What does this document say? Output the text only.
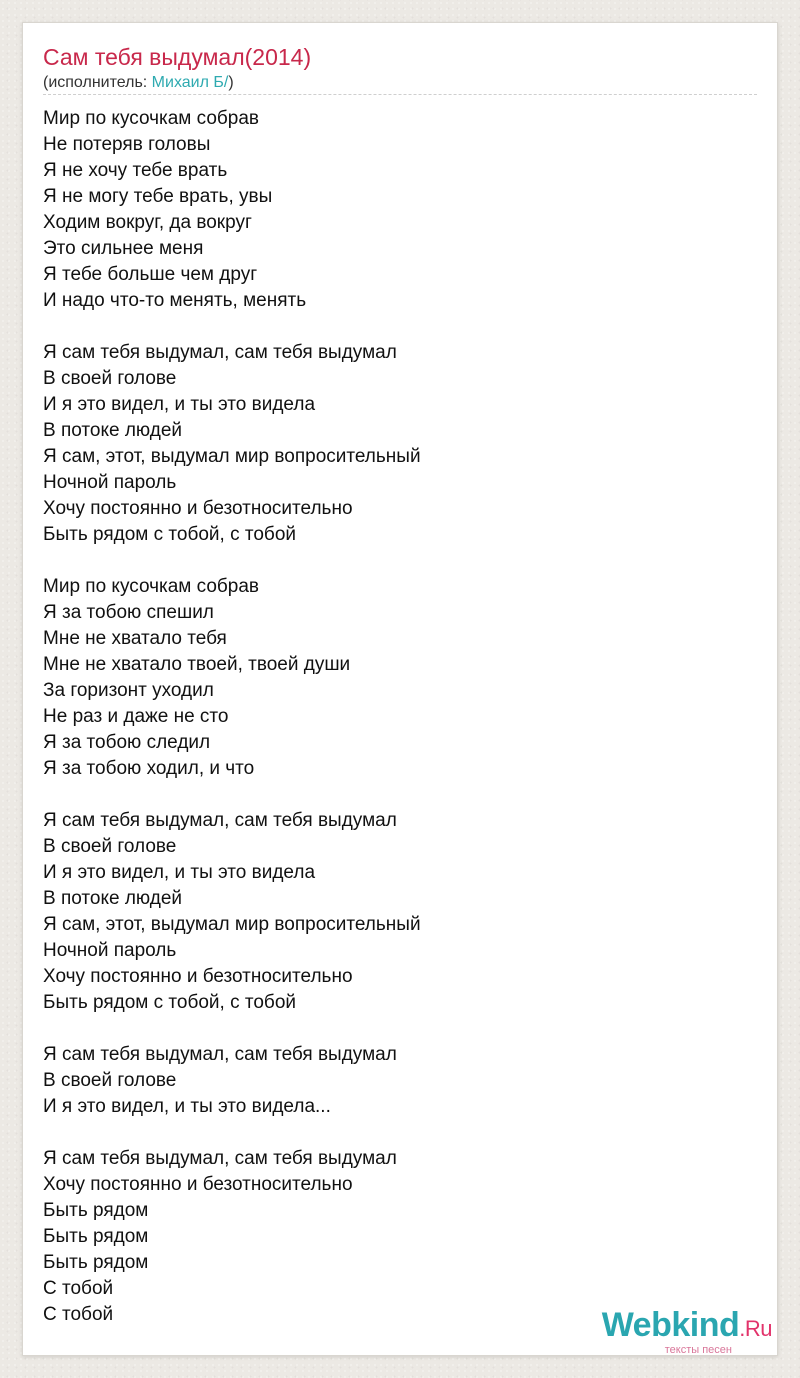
Сам тебя выдумал(2014)
(исполнитель: Михаил Б/)
Мир по кусочкам собрав
Не потеряв головы
Я не хочу тебе врать
Я не могу тебе врать, увы
Ходим вокруг, да вокруг
Это сильнее меня
Я тебе больше чем друг
И надо что-то менять, менять
Я сам тебя выдумал, сам тебя выдумал
В своей голове
И я это видел, и ты это видела
В потоке людей
Я сам, этот, выдумал мир вопросительный
Ночной пароль
Хочу постоянно и безотносительно
Быть рядом с тобой, с тобой
Мир по кусочкам собрав
Я за тобою спешил
Мне не хватало тебя
Мне не хватало твоей, твоей души
За горизонт уходил
Не раз и даже не сто
Я за тобою следил
Я за тобою ходил, и что
Я сам тебя выдумал, сам тебя выдумал
В своей голове
И я это видел, и ты это видела
В потоке людей
Я сам, этот, выдумал мир вопросительный
Ночной пароль
Хочу постоянно и безотносительно
Быть рядом с тобой, с тобой
Я сам тебя выдумал, сам тебя выдумал
В своей голове
И я это видел, и ты это видела...
Я сам тебя выдумал, сам тебя выдумал
Хочу постоянно и безотносительно
Быть рядом
Быть рядом
Быть рядом
С тобой
С тобой	Webkind.Ru
тексты песен
